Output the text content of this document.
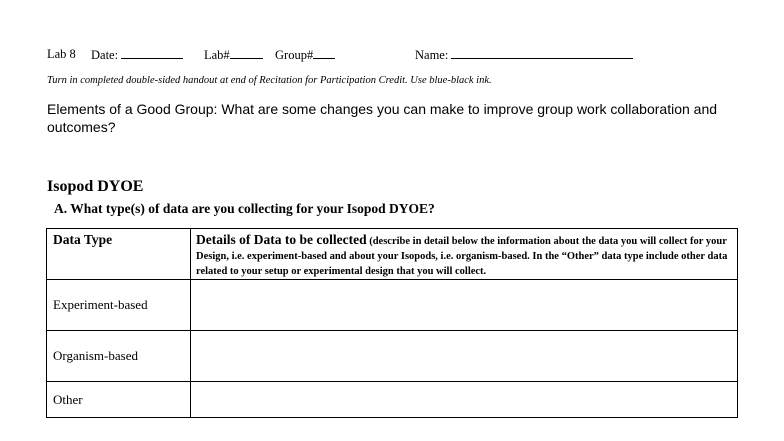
Lab 8 Date:	Lab#	Group#	Name:
Turn in completed double-sided handout at end of Recitation for Participation Credit. Use blue-black ink.
Elements of a Good Group: What are some changes you can make to improve group work collaboration and outcomes?
Isopod DYOE
A. What type(s) of data are you collecting for your Isopod DYOE?
Data Type	Details of Data to be collected (describe in detail below the information about the data you will collect for your Design, i.e. experiment-based and about your Isopods, i.e. organism-based. In the “Other” data type include other data related to your setup or experimental design that you will collect.
Experiment-based	
Organism-based	
Other	
